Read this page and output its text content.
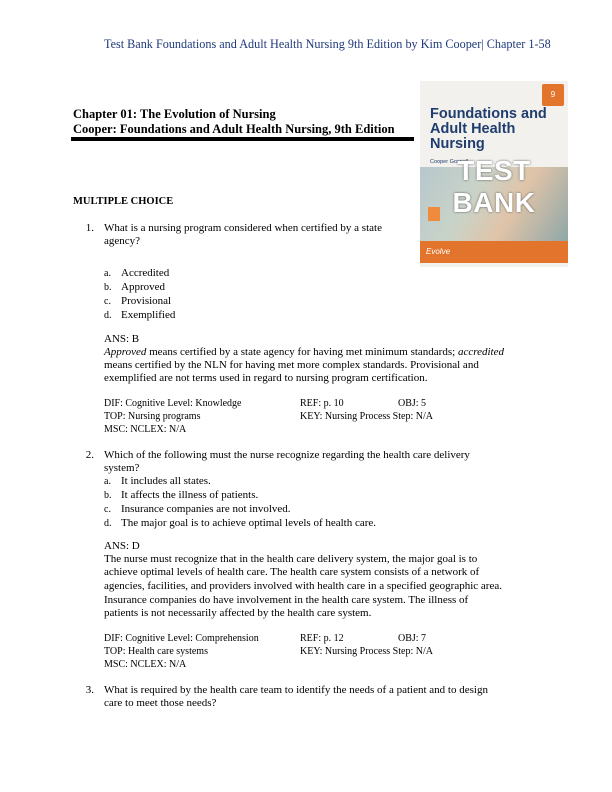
Test Bank Foundations and Adult Health Nursing 9th Edition by Kim Cooper| Chapter 1-58
Chapter 01: The Evolution of Nursing
Cooper: Foundations and Adult Health Nursing, 9th Edition
9
Foundations and Adult Health Nursing
Cooper Gosnell
TEST BANK
Evolve
MULTIPLE CHOICE
1. What is a nursing program considered when certified by a state
agency?
a. Accredited
b. Approved
c. Provisional
d. Exemplified
ANS: B
Approved means certified by a state agency for having met minimum standards; accredited
means certified by the NLN for having met more complex standards. Provisional and
exemplified are not terms used in regard to nursing program certification.
DIF: Cognitive Level: Knowledge	REF: p. 10	OBJ: 5
TOP: Nursing programs	KEY: Nursing Process Step: N/A
MSC: NCLEX: N/A
2. Which of the following must the nurse recognize regarding the health care delivery
system?
a. It includes all states.
b. It affects the illness of patients.
c. Insurance companies are not involved.
d. The major goal is to achieve optimal levels of health care.
ANS: D
The nurse must recognize that in the health care delivery system, the major goal is to
achieve optimal levels of health care. The health care system consists of a network of
agencies, facilities, and providers involved with health care in a specified geographic area.
Insurance companies do have involvement in the health care system. The illness of
patients is not necessarily affected by the health care system.
DIF: Cognitive Level: Comprehension	REF: p. 12	OBJ: 7
TOP: Health care systems	KEY: Nursing Process Step: N/A
MSC: NCLEX: N/A
3. What is required by the health care team to identify the needs of a patient and to design
care to meet those needs?
